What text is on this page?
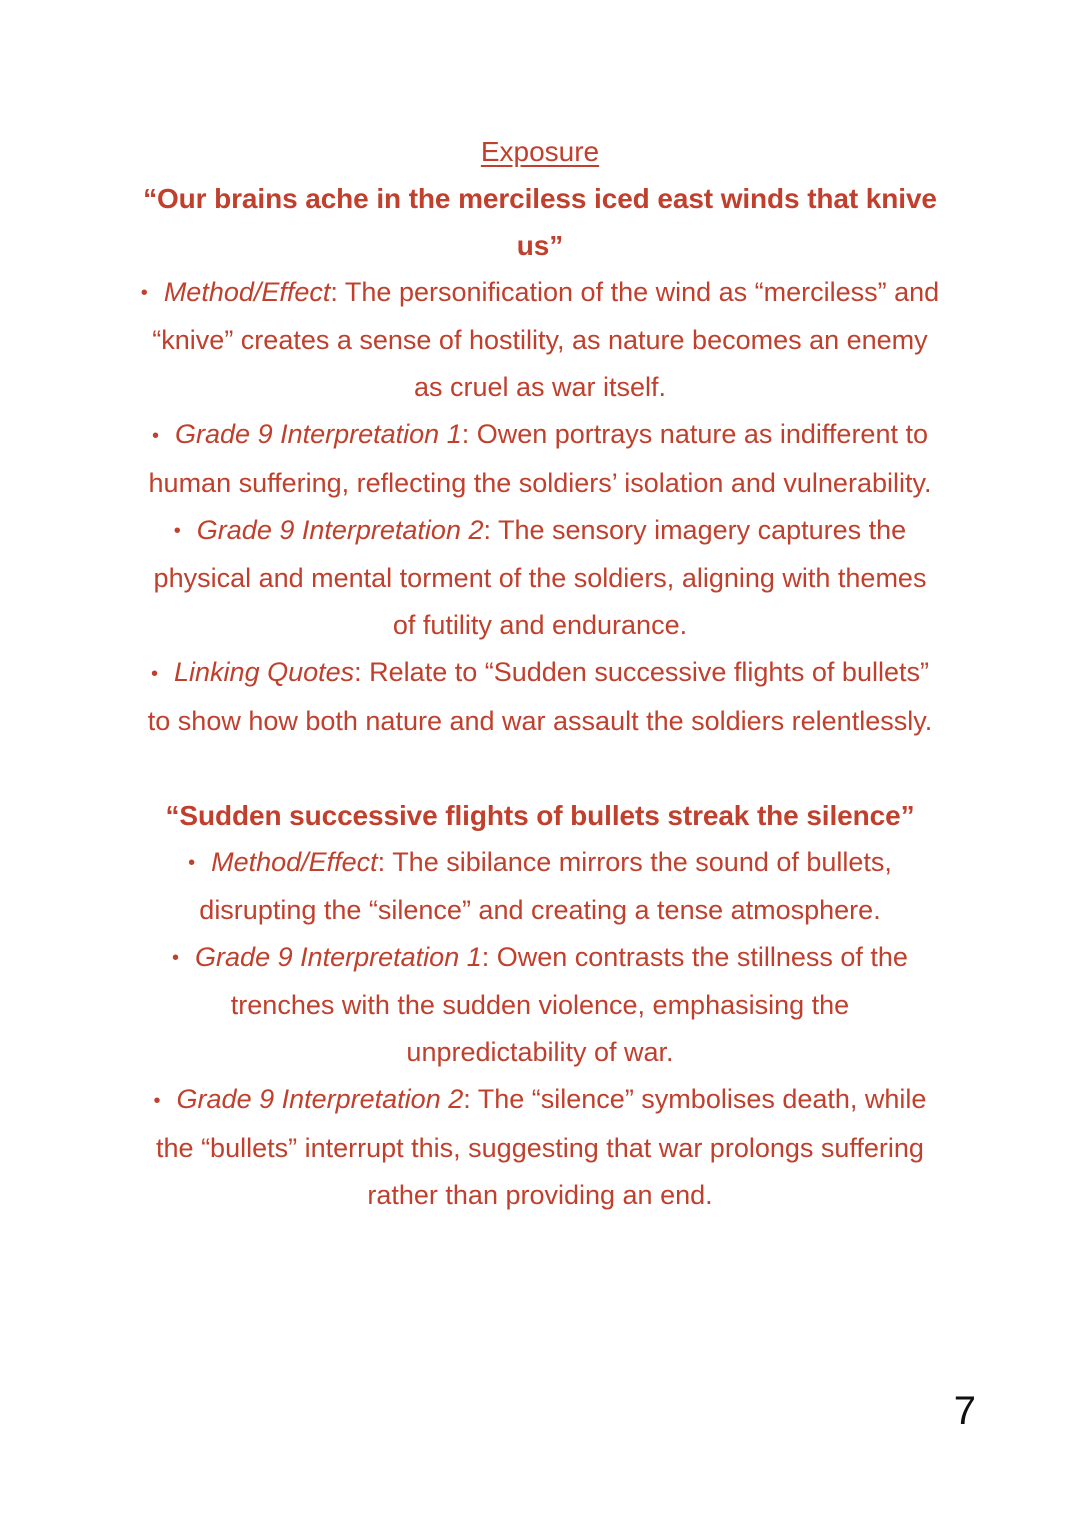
Exposure

“Our brains ache in the merciless iced east winds that knive us”

• Method/Effect: The personification of the wind as “merciless” and “knive” creates a sense of hostility, as nature becomes an enemy as cruel as war itself.

• Grade 9 Interpretation 1: Owen portrays nature as indifferent to human suffering, reflecting the soldiers’ isolation and vulnerability.

• Grade 9 Interpretation 2: The sensory imagery captures the physical and mental torment of the soldiers, aligning with themes of futility and endurance.

• Linking Quotes: Relate to “Sudden successive flights of bullets” to show how both nature and war assault the soldiers relentlessly.

“Sudden successive flights of bullets streak the silence”

• Method/Effect: The sibilance mirrors the sound of bullets, disrupting the “silence” and creating a tense atmosphere.

• Grade 9 Interpretation 1: Owen contrasts the stillness of the trenches with the sudden violence, emphasising the unpredictability of war.

• Grade 9 Interpretation 2: The “silence” symbolises death, while the “bullets” interrupt this, suggesting that war prolongs suffering rather than providing an end.

7
